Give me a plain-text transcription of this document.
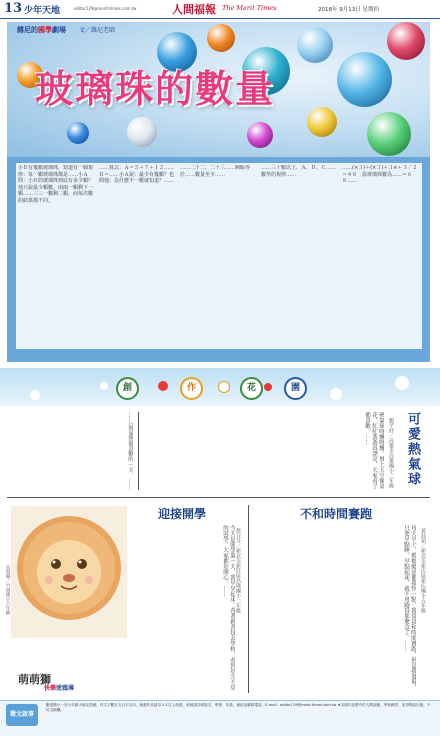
13 少年天地	editor129@merit-times.com.tw	人間福報 The Merit Times	2018年 9月13日 星期四
雜尼的國學劇場 文／雜尼老師
玻璃珠的數量

小Ｂ有幾顆玻璃珠，知道有一個規律：每一顆玻璃珠都是……小Ａ問：小Ｂ的玻璃珠到底有多少顆？他只說最少顆數，兩兩一顆剩下一顆……三三一數剩二顆，而每次數的結果都不同。

……算式：Ａ＝５＋７＋１２……Ｂ＝……小Ａ說：最少有幾顆？也問他：為什麼不一數就知道？……

……二十二、二十三……剩餘等於……數量至少……

……三十顆以上、Ａ、Ｂ、Ｃ……數學的規律……

……(×３)＋(×３)＋３×＋３／２＝４８　設玻璃珠數為……＝６８……

創	作	花	園
……這是我最喜歡的一天。……	熱氣球呀飄呀飄，飛上天空像朵花，紅紅黃黃真漂亮，大家看了都喜歡。……	劉芊妤／高雄市高雄國小三年級 可愛熱氣球
苗栗縣／竹南國小六年級
萌萌獅
快樂塗鴉薄
迎接開學
今天是開學第一天，我早早起床，背著新書包去學校，看到好久不見的同學，大家都好開心。……	蔡宜芬／新北市新莊區昌隆國小二年級
不和時間賽跑
每天早上，媽媽總是催我快一點，我常常和時間賽跑，但是我發現，只要早點睡、早點起床，就不用跑得那麼急了。……	黃鈺茹／新北市新店區新店國小五年級
徵文啟事
歡迎國小一至六年級小朋友投稿，作文字數在五百字以內，繪畫作品請以Ａ４以上紙張，來稿請註明姓名、學校、年級、地址及聯絡電話。E-mail：editor129@merit-times.com.tw ★本版作品將刊於人間福報、學校網頁，並得集結出版，不另支稿酬。
